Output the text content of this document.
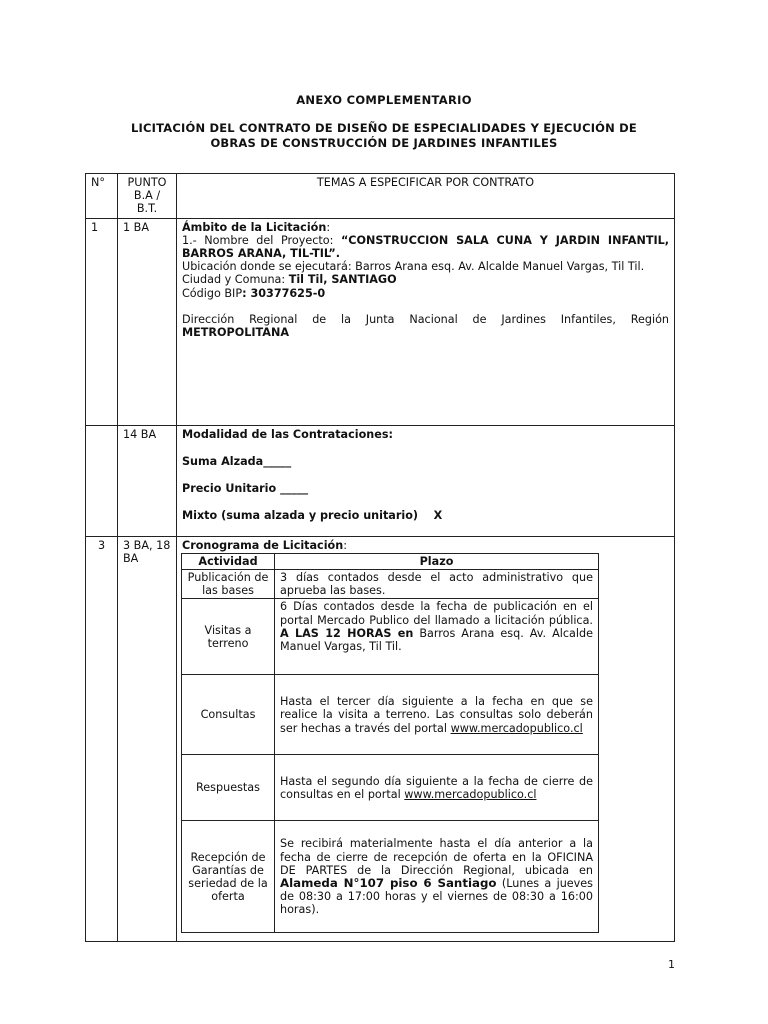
ANEXO COMPLEMENTARIO
LICITACIÓN DEL CONTRATO DE DISEÑO DE ESPECIALIDADES Y EJECUCIÓN DE
OBRAS DE CONSTRUCCIÓN DE JARDINES INFANTILES
N°	PUNTO B.A / B.T.	TEMAS A ESPECIFICAR POR CONTRATO
1	1 BA	Ámbito de la Licitación:
1.- Nombre del Proyecto: “CONSTRUCCION SALA CUNA Y JARDIN INFANTIL, BARROS ARANA, TIL-TIL”.
Ubicación donde se ejecutará: Barros Arana esq. Av. Alcalde Manuel Vargas, Til Til.
Ciudad y Comuna: Til Til, SANTIAGO
Código BIP: 30377625-0
Dirección Regional de la Junta Nacional de Jardines Infantiles, Región METROPOLITANA

	14 BA	Modalidad de las Contrataciones:

Suma Alzada_____

Precio Unitario _____

Mixto (suma alzada y precio unitario)    X

3	3 BA, 18 BA	
Cronograma de Licitación:
Actividad	Plazo
Publicación de las bases	3 días contados desde el acto administrativo que aprueba las bases.
Visitas a terreno	6 Días contados desde la fecha de publicación en el portal Mercado Publico del llamado a licitación pública. A LAS 12 HORAS en Barros Arana esq. Av. Alcalde Manuel Vargas, Til Til.
Consultas	Hasta el tercer día siguiente a la fecha en que se realice la visita a terreno. Las consultas solo deberán ser hechas a través del portal www.mercadopublico.cl
Respuestas	Hasta el segundo día siguiente a la fecha de cierre de consultas en el portal www.mercadopublico.cl
Recepción de Garantías de seriedad de la oferta	Se recibirá materialmente hasta el día anterior a la fecha de cierre de recepción de oferta en la OFICINA DE PARTES de la Dirección Regional, ubicada en Alameda N°107 piso 6 Santiago (Lunes a jueves de 08:30 a 17:00 horas y el viernes de 08:30 a 16:00 horas).
1
